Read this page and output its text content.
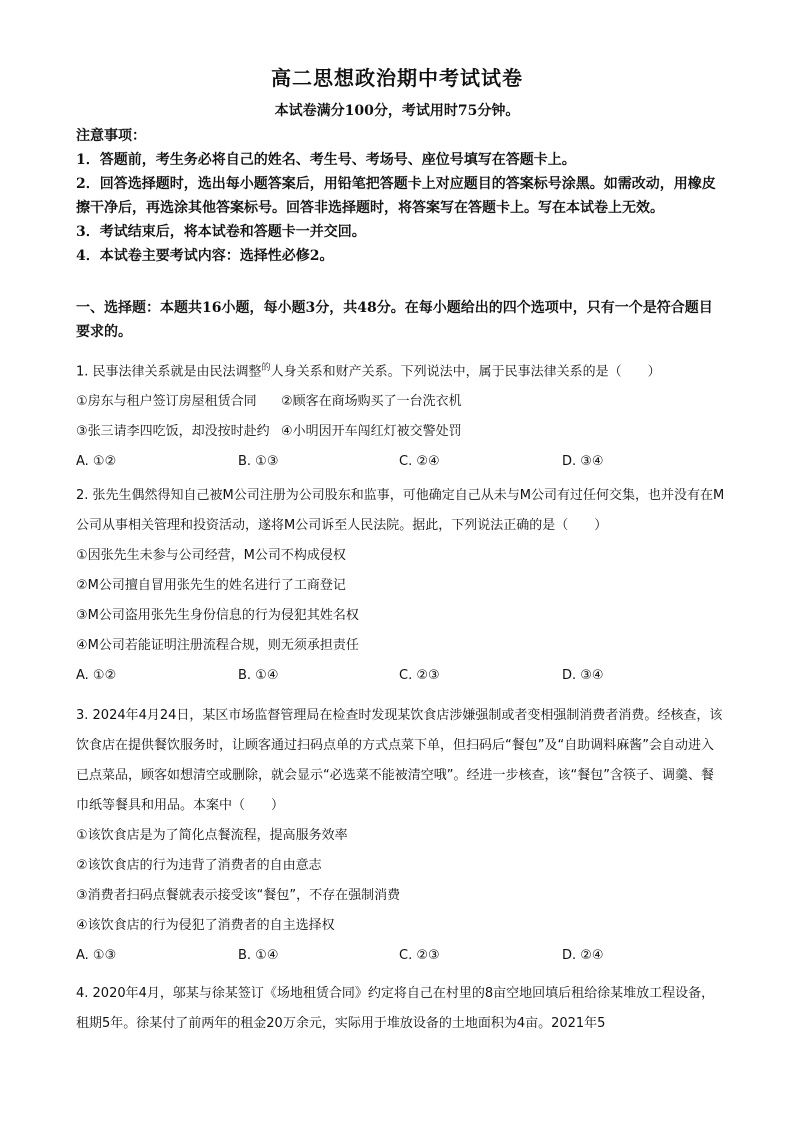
高二思想政治期中考试试卷
本试卷满分100分，考试用时75分钟。
注意事项：
1．答题前，考生务必将自己的姓名、考生号、考场号、座位号填写在答题卡上。
2．回答选择题时，选出每小题答案后，用铅笔把答题卡上对应题目的答案标号涂黑。如需改动，用橡皮擦干净后，再选涂其他答案标号。回答非选择题时，将答案写在答题卡上。写在本试卷上无效。
3．考试结束后，将本试卷和答题卡一并交回。
4．本试卷主要考试内容：选择性必修2。
一、选择题：本题共16小题，每小题3分，共48分。在每小题给出的四个选项中，只有一个是符合题目要求的。

1. 民事法律关系就是由民法调整$^的$人身关系和财产关系。下列说法中，属于民事法律关系的是（　　）

①房东与租户签订房屋租赁合同 ②顾客在商场购买了一台洗衣机

③张三请李四吃饭，却没按时赴约 ④小明因开车闯红灯被交警处罚

A. ①②	B. ①③	C. ②④	D. ③④

2. 张先生偶然得知自己被M公司注册为公司股东和监事，可他确定自己从未与M公司有过任何交集，也并没有在M公司从事相关管理和投资活动，遂将M公司诉至人民法院。据此，下列说法正确的是（　　）

①因张先生未参与公司经营，M公司不构成侵权

②M公司擅自冒用张先生的姓名进行了工商登记

③M公司盗用张先生身份信息的行为侵犯其姓名权

④M公司若能证明注册流程合规，则无须承担责任

A. ①②	B. ①④	C. ②③	D. ③④

3. 2024年4月24日，某区市场监督管理局在检查时发现某饮食店涉嫌强制或者变相强制消费者消费。经核查，该饮食店在提供餐饮服务时，让顾客通过扫码点单的方式点菜下单，但扫码后“餐包”及“自助调料麻酱”会自动进入已点菜品，顾客如想清空或删除，就会显示“必选菜不能被清空哦”。经进一步核查，该“餐包”含筷子、调羹、餐巾纸等餐具和用品。本案中（　　）

①该饮食店是为了简化点餐流程，提高服务效率

②该饮食店的行为违背了消费者的自由意志

③消费者扫码点餐就表示接受该“餐包”，不存在强制消费

④该饮食店的行为侵犯了消费者的自主选择权

A. ①③	B. ①④	C. ②③	D. ②④

4. 2020年4月，邬某与徐某签订《场地租赁合同》约定将自己在村里的8亩空地回填后租给徐某堆放工程设备，租期5年。徐某付了前两年的租金20万余元，实际用于堆放设备的土地面积为4亩。2021年5
